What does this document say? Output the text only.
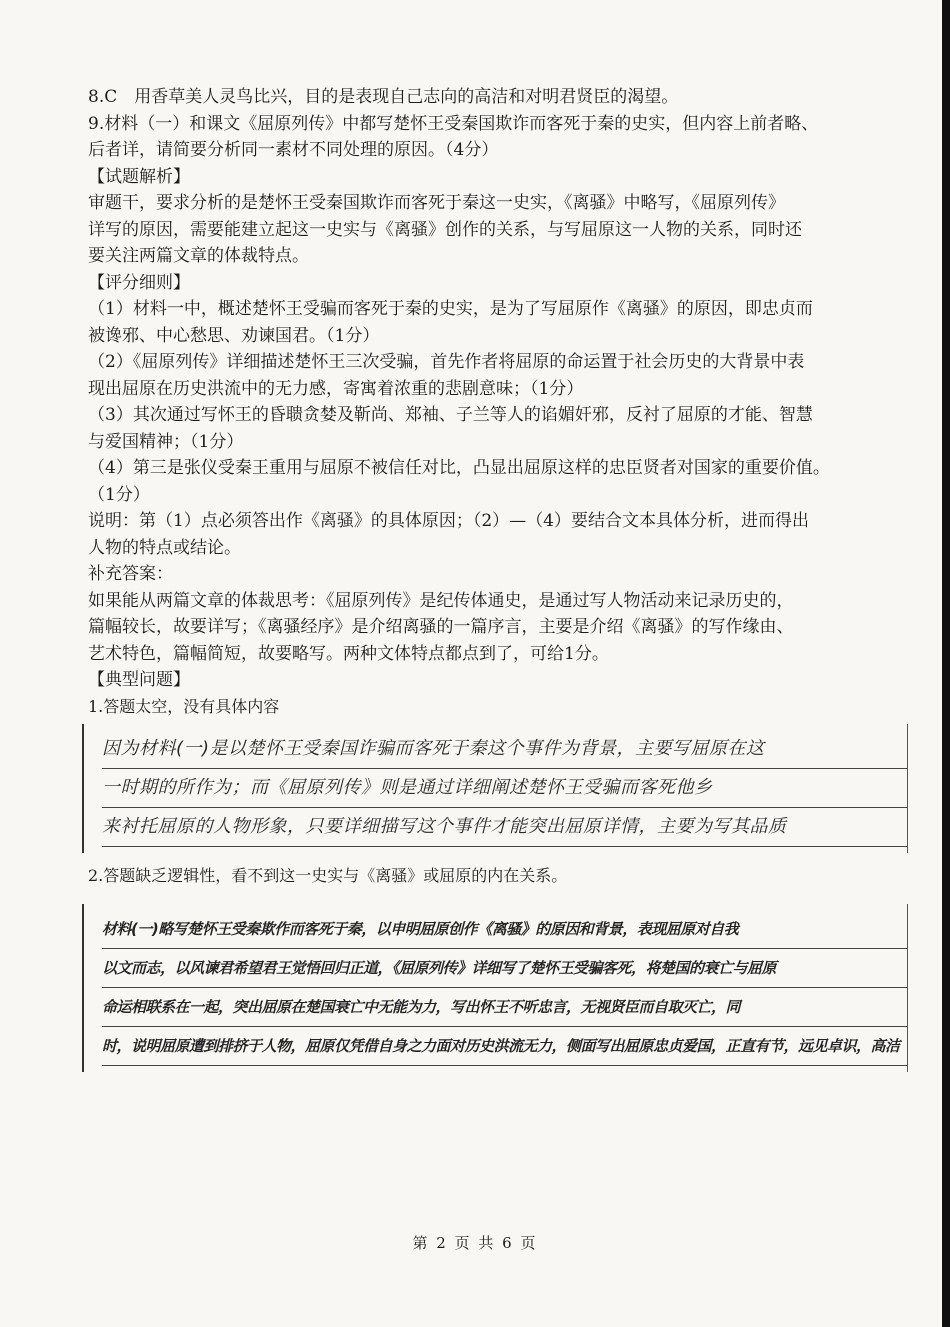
8.C　用香草美人灵鸟比兴，目的是表现自己志向的高洁和对明君贤臣的渴望。

9.材料（一）和课文《屈原列传》中都写楚怀王受秦国欺诈而客死于秦的史实，但内容上前者略、

后者详，请简要分析同一素材不同处理的原因。（4分）

【试题解析】

审题干，要求分析的是楚怀王受秦国欺诈而客死于秦这一史实，《离骚》中略写，《屈原列传》

详写的原因，需要能建立起这一史实与《离骚》创作的关系，与写屈原这一人物的关系，同时还

要关注两篇文章的体裁特点。

【评分细则】

（1）材料一中，概述楚怀王受骗而客死于秦的史实，是为了写屈原作《离骚》的原因，即忠贞而

被谗邪、中心愁思、劝谏国君。（1分）

（2）《屈原列传》详细描述楚怀王三次受骗，首先作者将屈原的命运置于社会历史的大背景中表

现出屈原在历史洪流中的无力感，寄寓着浓重的悲剧意味；（1分）

（3）其次通过写怀王的昏聩贪婪及靳尚、郑袖、子兰等人的谄媚奸邪，反衬了屈原的才能、智慧

与爱国精神；（1分）

（4）第三是张仪受秦王重用与屈原不被信任对比，凸显出屈原这样的忠臣贤者对国家的重要价值。

（1分）

说明：第（1）点必须答出作《离骚》的具体原因；（2）—（4）要结合文本具体分析，进而得出

人物的特点或结论。

补充答案：

如果能从两篇文章的体裁思考：《屈原列传》是纪传体通史，是通过写人物活动来记录历史的，

篇幅较长，故要详写；《离骚经序》是介绍离骚的一篇序言，主要是介绍《离骚》的写作缘由、

艺术特色，篇幅简短，故要略写。两种文体特点都点到了，可给1分。

【典型问题】

1.答题太空，没有具体内容

因为材料(一)是以楚怀王受秦国诈骗而客死于秦这个事件为背景，主要写屈原在这
一时期的所作为；而《屈原列传》则是通过详细阐述楚怀王受骗而客死他乡
来衬托屈原的人物形象，只要详细描写这个事件才能突出屈原详情，主要为写其品质

2.答题缺乏逻辑性，看不到这一史实与《离骚》或屈原的内在关系。

材料(一)略写楚怀王受秦欺作而客死于秦，以申明屈原创作《离骚》的原因和背景，表现屈原对自我
以文而志，以风谏君希望君王觉悟回归正道，《屈原列传》详细写了楚怀王受骗客死，将楚国的衰亡与屈原
命运相联系在一起，突出屈原在楚国衰亡中无能为力，写出怀王不听忠言，无视贤臣而自取灭亡，同
时，说明屈原遭到排挤于人物，屈原仅凭借自身之力面对历史洪流无力，侧面写出屈原忠贞爱国，正直有节，远见卓识，高洁
第 2 页 共 6 页
